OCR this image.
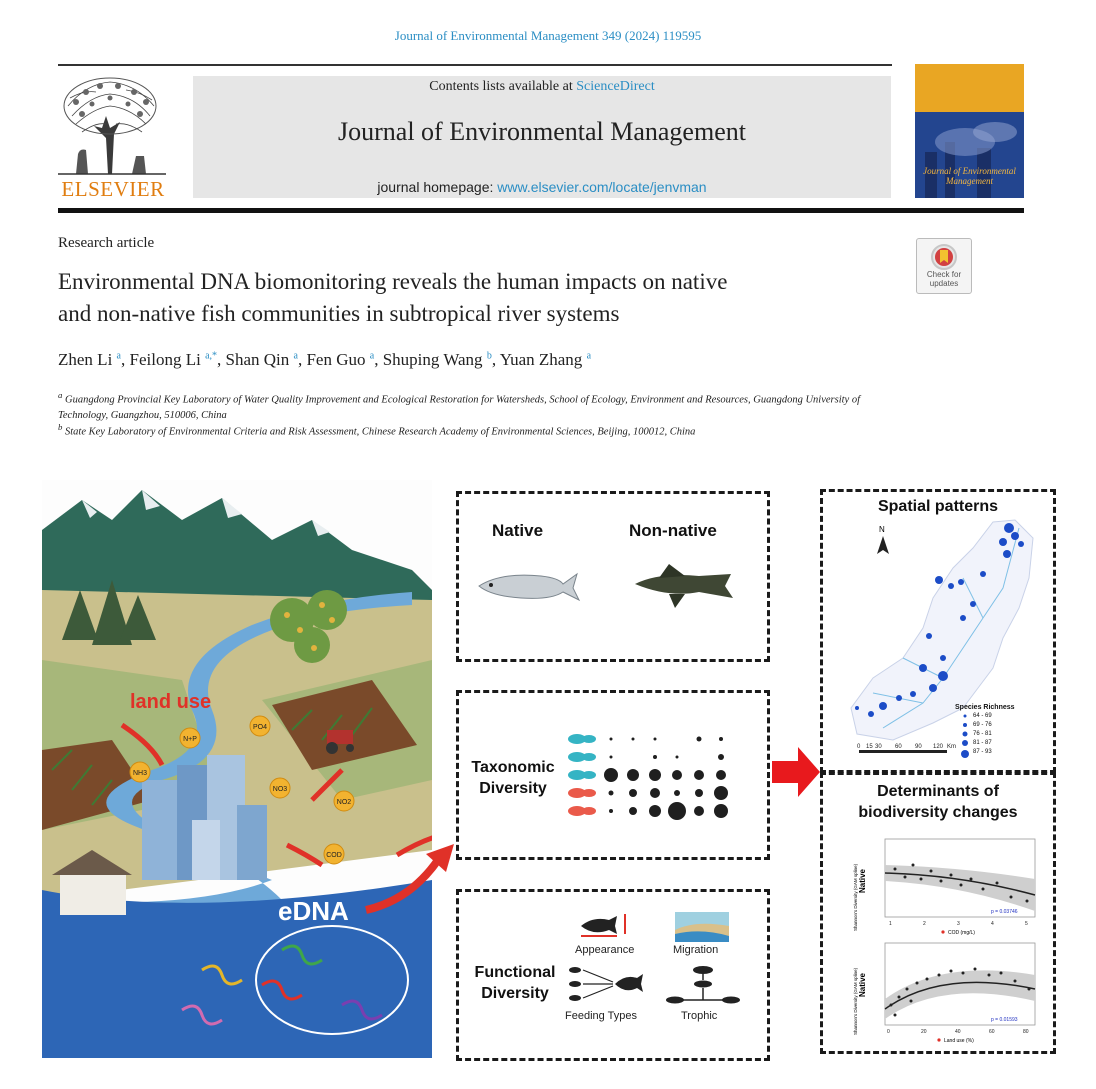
Journal of Environmental Management 349 (2024) 119595
ELSEVIER
Contents lists available at ScienceDirect
Journal of Environmental Management
journal homepage: www.elsevier.com/locate/jenvman
Journal of Environmental Management
Research article
Environmental DNA biomonitoring reveals the human impacts on native
and non-native fish communities in subtropical river systems
Check for updates
Zhen Li $^a$, Feilong Li $^{a,*}$, Shan Qin $^a$, Fen Guo $^a$, Shuping Wang $^b$, Yuan Zhang $^a$
$^a$ Guangdong Provincial Key Laboratory of Water Quality Improvement and Ecological Restoration for Watersheds, School of Ecology, Environment and Resources, Guangdong University of Technology, Guangzhou, 510006, China
$^b$ State Key Laboratory of Environmental Criteria and Risk Assessment, Chinese Research Academy of Environmental Sciences, Beijing, 100012, China
NH3
N+P
PO4
NO3
NO2
COD
land use
eDNA
Native	Non-native
Taxonomic
Diversity
Functional
Diversity
Appearance	Migration
Feeding Types	Trophic
Spatial patterns
N
Species Richness
64 - 69
69 - 76
76 - 81
81 - 87
87 - 93
0 15 30 60 90 120 Km
Determinants of
biodiversity changes
Native
Shannon's Diversity (GAM spline)	p = 0.03746
1	2	3	4	5
COD (mg/L)
Native
Shannon's Diversity (GAM spline)	p = 0.01593
0	20	40	60	80
Land use (%)
